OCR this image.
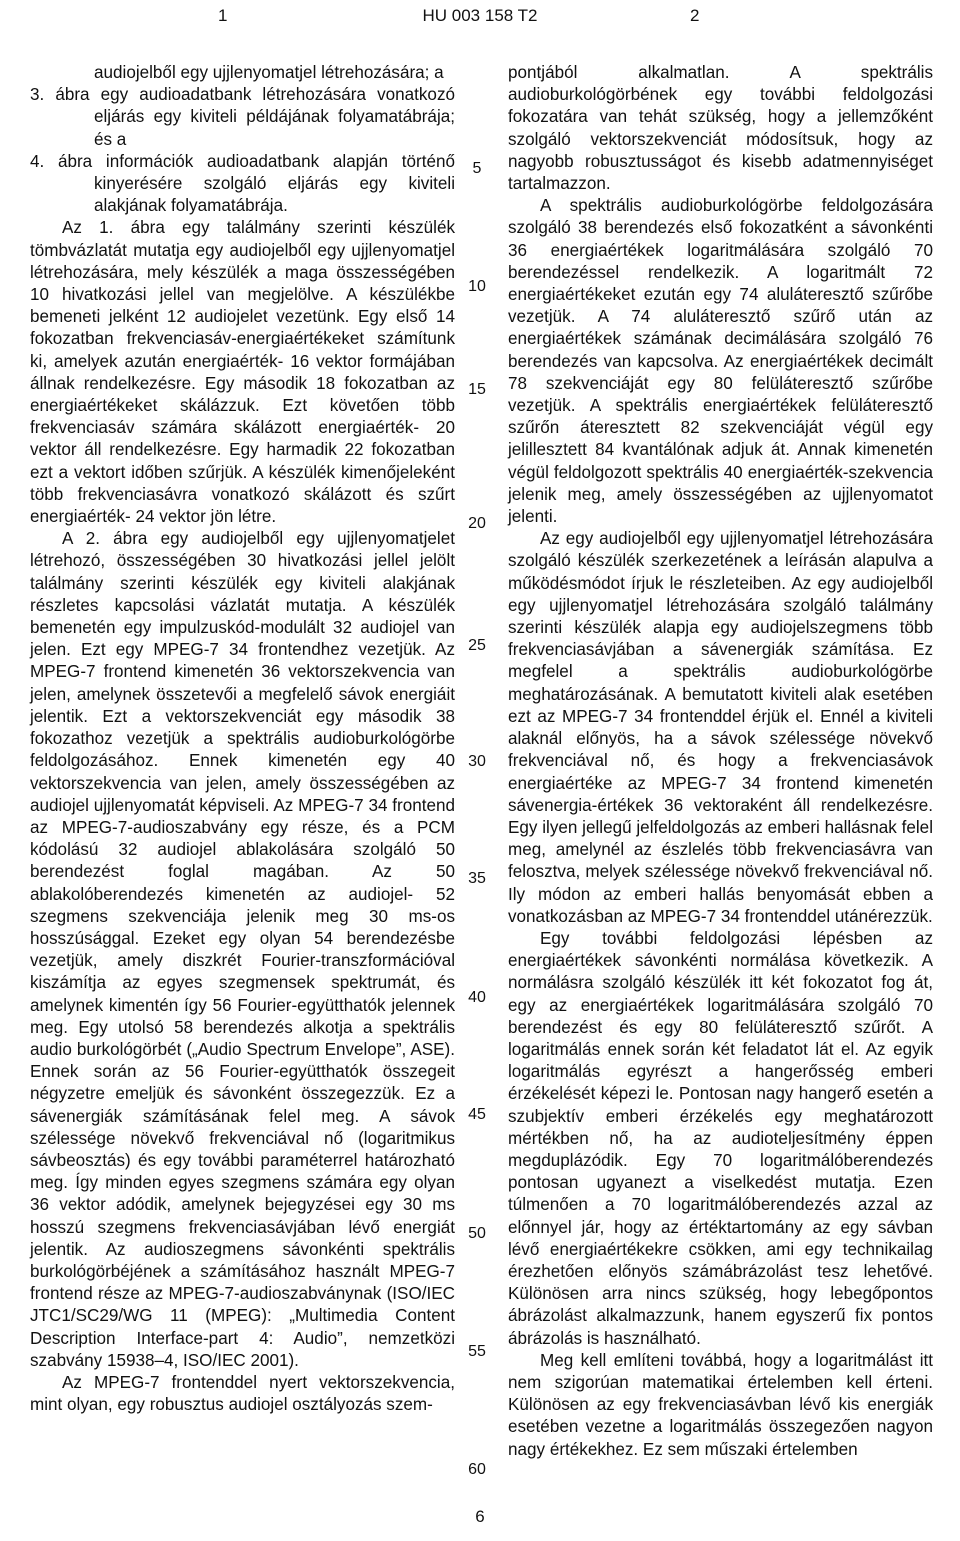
1	HU 003 158 T2	2

audiojelből egy ujjlenyomatjel létrehozására; a

3. ábra egy audioadatbank létrehozására vonatkozó eljárás egy kiviteli példájának folyamatábrája; és a

4. ábra információk audioadatbank alapján történő kinyerésére szolgáló eljárás egy kiviteli alakjának folyamatábrája.

Az 1. ábra egy találmány szerinti készülék tömbvázlatát mutatja egy audiojelből egy ujjlenyomatjel létrehozására, mely készülék a maga összességében 10 hivatkozási jellel van megjelölve. A készülékbe bemeneti jelként 12 audiojelet vezetünk. Egy első 14 fokozatban frekvenciasáv-energiaértékeket számítunk ki, amelyek azután energiaérték- 16 vektor formájában állnak rendelkezésre. Egy második 18 fokozatban az energiaértékeket skálázzuk. Ezt követően több frekvenciasáv számára skálázott energiaérték- 20 vektor áll rendelkezésre. Egy harmadik 22 fokozatban ezt a vektort időben szűrjük. A készülék kimenőjeleként több frekvenciasávra vonatkozó skálázott és szűrt energiaérték- 24 vektor jön létre.

A 2. ábra egy audiojelből egy ujjlenyomatjelet létrehozó, összességében 30 hivatkozási jellel jelölt találmány szerinti készülék egy kiviteli alakjának részletes kapcsolási vázlatát mutatja. A készülék bemenetén egy impulzuskód-modulált 32 audiojel van jelen. Ezt egy MPEG-7 34 frontendhez vezetjük. Az MPEG-7 frontend kimenetén 36 vektorszekvencia van jelen, amelynek összetevői a megfelelő sávok energiáit jelentik. Ezt a vektorszekvenciát egy második 38 fokozathoz vezetjük a spektrális audioburkológörbe feldolgozásához. Ennek kimenetén egy 40 vektorszekvencia van jelen, amely összességében az audiojel ujjlenyomatát képviseli. Az MPEG-7 34 frontend az MPEG-7-audioszabvány egy része, és a PCM kódolású 32 audiojel ablakolására szolgáló 50 berendezést foglal magában. Az 50 ablakolóberendezés kimenetén az audiojel- 52 szegmens szekvenciája jelenik meg 30 ms-os hosszúsággal. Ezeket egy olyan 54 berendezésbe vezetjük, amely diszkrét Fourier-transzformációval kiszámítja az egyes szegmensek spektrumát, és amelynek kimentén így 56 Fourier-együtthatók jelennek meg. Egy utolsó 58 berendezés alkotja a spektrális audio burkológörbét („Audio Spectrum Envelope”, ASE). Ennek során az 56 Fourier-együtthatók összegeit négyzetre emeljük és sávonként összegezzük. Ez a sávenergiák számításának felel meg. A sávok szélessége növekvő frekvenciával nő (logaritmikus sávbeosztás) és egy további paraméterrel határozható meg. Így minden egyes szegmens számára egy olyan 36 vektor adódik, amelynek bejegyzései egy 30 ms hosszú szegmens frekvenciasávjában lévő energiát jelentik. Az audioszegmens sávonkénti spektrális burkológörbéjének a számításához használt MPEG-7 frontend része az MPEG-7-audioszabványnak (ISO/IEC JTC1/SC29/WG 11 (MPEG): „Multimedia Content Description Interface-part 4: Audio”, nemzetközi szabvány 15938–4, ISO/IEC 2001).

Az MPEG-7 frontenddel nyert vektorszekvencia, mint olyan, egy robusztus audiojel osztályozás szem-

5
10
15
20
25
30
35
40
45
50
55
60

pontjából alkalmatlan. A spektrális audioburkológörbének egy további feldolgozási fokozatára van tehát szükség, hogy a jellemzőként szolgáló vektorszekvenciát módosítsuk, hogy az nagyobb robusztusságot és kisebb adatmennyiséget tartalmazzon.

A spektrális audioburkológörbe feldolgozására szolgáló 38 berendezés első fokozatként a sávonkénti 36 energiaértékek logaritmálására szolgáló 70 berendezéssel rendelkezik. A logaritmált 72 energiaértékeket ezután egy 74 aluláteresztő szűrőbe vezetjük. A 74 aluláteresztő szűrő után az energiaértékek számának decimálására szolgáló 76 berendezés van kapcsolva. Az energiaértékek decimált 78 szekvenciáját egy 80 felüláteresztő szűrőbe vezetjük. A spektrális energiaértékek felüláteresztő szűrőn áteresztett 82 szekvenciáját végül egy jelillesztett 84 kvantálónak adjuk át. Annak kimenetén végül feldolgozott spektrális 40 energiaérték-szekvencia jelenik meg, amely összességében az ujjlenyomatot jelenti.

Az egy audiojelből egy ujjlenyomatjel létrehozására szolgáló készülék szerkezetének a leírásán alapulva a működésmódot írjuk le részleteiben. Az egy audiojelből egy ujjlenyomatjel létrehozására szolgáló találmány szerinti készülék alapja egy audiojelszegmens több frekvenciasávjában a sávenergiák számítása. Ez megfelel a spektrális audioburkológörbe meghatározásának. A bemutatott kiviteli alak esetében ezt az MPEG-7 34 frontenddel érjük el. Ennél a kiviteli alaknál előnyös, ha a sávok szélessége növekvő frekvenciával nő, és hogy a frekvenciasávok energiaértéke az MPEG-7 34 frontend kimenetén sávenergia-értékek 36 vektoraként áll rendelkezésre. Egy ilyen jellegű jelfeldolgozás az emberi hallásnak felel meg, amelynél az észlelés több frekvenciasávra van felosztva, melyek szélessége növekvő frekvenciával nő. Ily módon az emberi hallás benyomását ebben a vonatkozásban az MPEG-7 34 frontenddel utánérezzük.

Egy további feldolgozási lépésben az energiaértékek sávonkénti normálása következik. A normálásra szolgáló készülék itt két fokozatot fog át, egy az energiaértékek logaritmálására szolgáló 70 berendezést és egy 80 felüláteresztő szűrőt. A logaritmálás ennek során két feladatot lát el. Az egyik logaritmálás egyrészt a hangerősség emberi érzékelését képezi le. Pontosan nagy hangerő esetén a szubjektív emberi érzékelés egy meghatározott mértékben nő, ha az audioteljesítmény éppen megduplázódik. Egy 70 logaritmálóberendezés pontosan ugyanezt a viselkedést mutatja. Ezen túlmenően a 70 logaritmálóberendezés azzal az előnnyel jár, hogy az értéktartomány az egy sávban lévő energiaértékekre csökken, ami egy technikailag érezhetően előnyös számábrázolást tesz lehetővé. Különösen arra nincs szükség, hogy lebegőpontos ábrázolást alkalmazzunk, hanem egyszerű fix pontos ábrázolás is használható.

Meg kell említeni továbbá, hogy a logaritmálást itt nem szigorúan matematikai értelemben kell érteni. Különösen az egy frekvenciasávban lévő kis energiák esetében vezetne a logaritmálás összegezően nagyon nagy értékekhez. Ez sem műszaki értelemben

6
